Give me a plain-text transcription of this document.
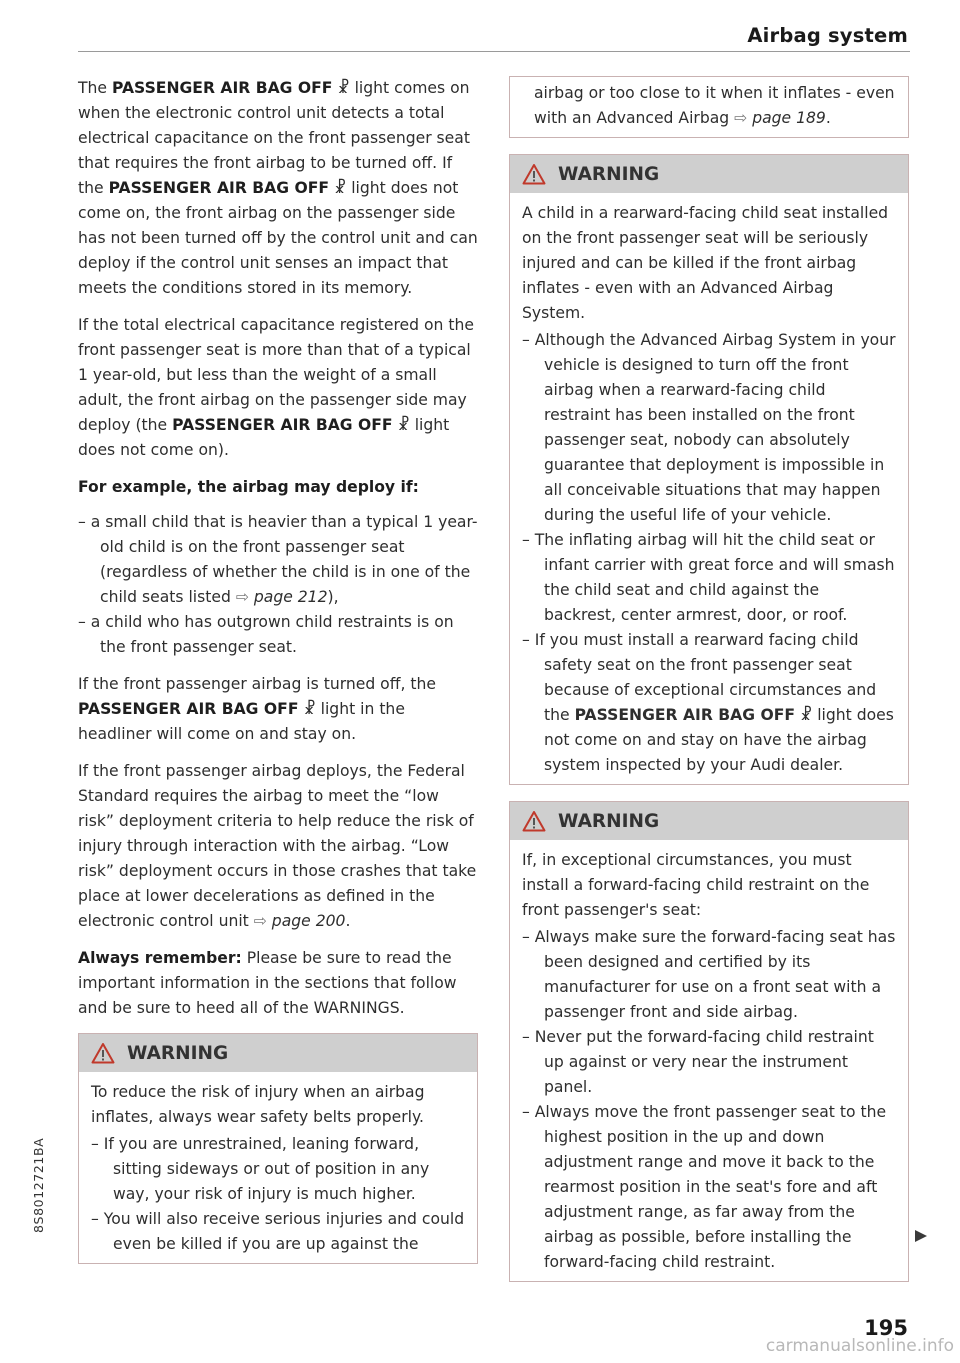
Airbag system

The PASSENGER AIR BAG OFF ☧ light comes on when the electronic control unit detects a total electrical capacitance on the front passenger seat that requires the front airbag to be turned off. If the PASSENGER AIR BAG OFF ☧ light does not come on, the front airbag on the passenger side has not been turned off by the control unit and can deploy if the control unit senses an impact that meets the conditions stored in its memory.

If the total electrical capacitance registered on the front passenger seat is more than that of a typical 1 year-old, but less than the weight of a small adult, the front airbag on the passenger side may deploy (the PASSENGER AIR BAG OFF ☧ light does not come on).

For example, the airbag may deploy if:

– a small child that is heavier than a typical 1 year-old child is on the front passenger seat (regardless of whether the child is in one of the child seats listed ⇨ page 212),
– a child who has outgrown child restraints is on the front passenger seat.

If the front passenger airbag is turned off, the PASSENGER AIR BAG OFF ☧ light in the headliner will come on and stay on.

If the front passenger airbag deploys, the Federal Standard requires the airbag to meet the “low risk” deployment criteria to help reduce the risk of injury through interaction with the airbag. “Low risk” deployment occurs in those crashes that take place at lower decelerations as defined in the electronic control unit ⇨ page 200.

Always remember: Please be sure to read the important information in the sections that follow and be sure to heed all of the WARNINGS.

WARNING

To reduce the risk of injury when an airbag inflates, always wear safety belts properly.

– If you are unrestrained, leaning forward, sitting sideways or out of position in any way, your risk of injury is much higher.
– You will also receive serious injuries and could even be killed if you are up against the

airbag or too close to it when it inflates - even with an Advanced Airbag ⇨ page 189.

WARNING

A child in a rearward-facing child seat installed on the front passenger seat will be seriously injured and can be killed if the front airbag inflates - even with an Advanced Airbag System.

– Although the Advanced Airbag System in your vehicle is designed to turn off the front airbag when a rearward-facing child restraint has been installed on the front passenger seat, nobody can absolutely guarantee that deployment is impossible in all conceivable situations that may happen during the useful life of your vehicle.
– The inflating airbag will hit the child seat or infant carrier with great force and will smash the child seat and child against the backrest, center armrest, door, or roof.
– If you must install a rearward facing child safety seat on the front passenger seat because of exceptional circumstances and the PASSENGER AIR BAG OFF ☧ light does not come on and stay on have the airbag system inspected by your Audi dealer.
WARNING

If, in exceptional circumstances, you must install a forward-facing child restraint on the front passenger's seat:

– Always make sure the forward-facing seat has been designed and certified by its manufacturer for use on a front seat with a passenger front and side airbag.
– Never put the forward-facing child restraint up against or very near the instrument panel.
– Always move the front passenger seat to the highest position in the up and down adjustment range and move it back to the rearmost position in the seat's fore and aft adjustment range, as far away from the airbag as possible, before installing the forward-facing child restraint.
8S8012721BA
195
carmanualsonline.info
